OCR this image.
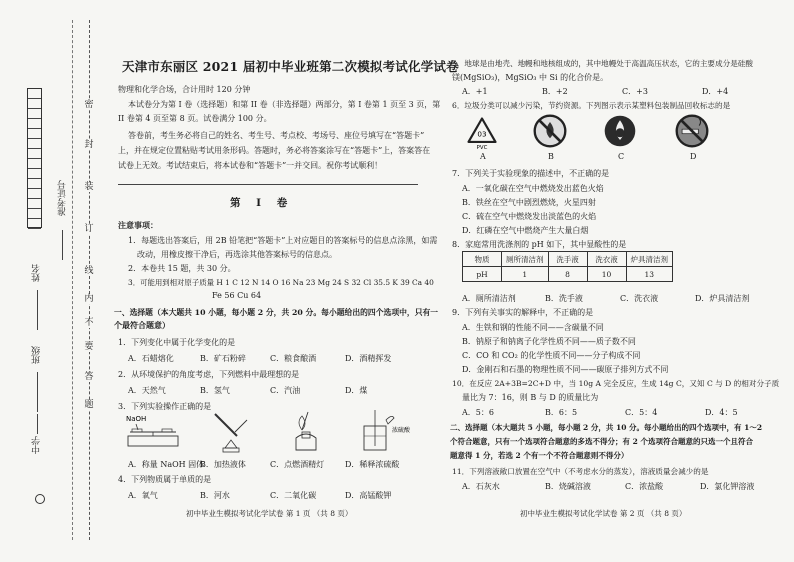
准考证号
姓名
班级
中学
密
封
装
订
线
内
不
要
答
题
天津市东丽区 2021 届初中毕业班第二次模拟考试化学试卷
物理和化学合场，合计用时 120 分钟
本试卷分为第 I 卷（选择题）和第 II 卷（非选择题）两部分，第 I 卷第 1 页至 3 页，第
II 卷第 4 页至第 8 页。试卷满分 100 分。
答卷前，考生务必将自己的姓名、考生号、考点校、考场号、座位号填写在“答题卡”
上，并在规定位置粘贴考试用条形码。答题时，务必将答案涂写在“答题卡”上，答案答在
试卷上无效。考试结束后，将本试卷和“答题卡”一并交回。祝你考试顺利！
第 I 卷
注意事项：
1．每题选出答案后，用 2B 铅笔把“答题卡”上对应题目的答案标号的信息点涂黑，如需
改动，用橡皮擦干净后，再选涂其他答案标号的信息点。
2．本卷共 15 题，共 30 分。
3．可能用到相对原子质量 H 1 C 12 N 14 O 16 Na 23 Mg 24 S 32 Cl 35.5 K 39 Ca 40
Fe 56 Cu 64
一、选择题（本大题共 10 小题，每小题 2 分，共 20 分。每小题给出的四个选项中，只有一
个最符合题意）
1．下列变化中属于化学变化的是
A．石蜡熔化	B．矿石粉碎	C．粮食酿酒	D．酒精挥发
2．从环境保护的角度考虑，下列燃料中最理想的是
A．天然气	B．氢气	C．汽油	D．煤
3．下列实验操作正确的是
NaOH
浓硫酸
A．称量 NaOH 固体
B．加热液体	C．点燃酒精灯	D．稀释浓硫酸
4．下列物质属于单质的是
A．氧气	B．河水	C．二氧化碳	D．高锰酸钾
初中毕业生模拟考试化学试卷 第 1 页 （共 8 页）
5．地球是由地壳、地幔和地核组成的，其中地幔处于高温高压状态，它的主要成分是硅酸
镁(MgSiO₃)，MgSiO₃ 中 Si 的化合价是。
A．+1	B．+2	C．+3	D．+4
6．垃圾分类可以减少污染，节约资源。下列图示表示某塑料包装制品回收标志的是
03
PVC
A	B	C	D
7．下列关于实验现象的描述中，不正确的是
A．一氧化碳在空气中燃烧发出蓝色火焰
B．铁丝在空气中剧烈燃烧，火星四射
C．硫在空气中燃烧发出淡蓝色的火焰
D．红磷在空气中燃烧产生大量白烟
8．家庭常用洗涤剂的 pH 如下，其中显酸性的是
物质	厕所清洁剂	洗手液	洗衣液	炉具清洁剂
pH	1	8	10	13
A．厕所清洁剂	B．洗手液	C．洗衣液	D．炉具清洁剂
9．下列有关事实的解释中，不正确的是
A．生铁和钢的性能不同——含碳量不同
B．钠原子和钠离子化学性质不同——质子数不同
C．CO 和 CO₂ 的化学性质不同——分子构成不同
D．金刚石和石墨的物理性质不同——碳原子排列方式不同
10．在反应 2A+3B=2C+D 中，当 10g A 完全反应，生成 14g C，又知 C 与 D 的相对分子质
量比为 7：16，则 B 与 D 的质量比为
A．5：6	B．6：5	C．5：4	D．4：5
二、选择题（本大题共 5 小题，每小题 2 分，共 10 分。每小题给出的四个选项中，有 1～2
个符合题意，只有一个选项符合题意的多选不得分；有 2 个选项符合题意的只选一个且符合
题意得 1 分，若选 2 个有一个不符合题意则不得分）
11．下列溶液敞口放置在空气中（不考虑水分的蒸发），溶液质量会减少的是
A．石灰水	B．烧碱溶液	C．浓盐酸	D．氯化钾溶液
初中毕业生模拟考试化学试卷 第 2 页 （共 8 页）
